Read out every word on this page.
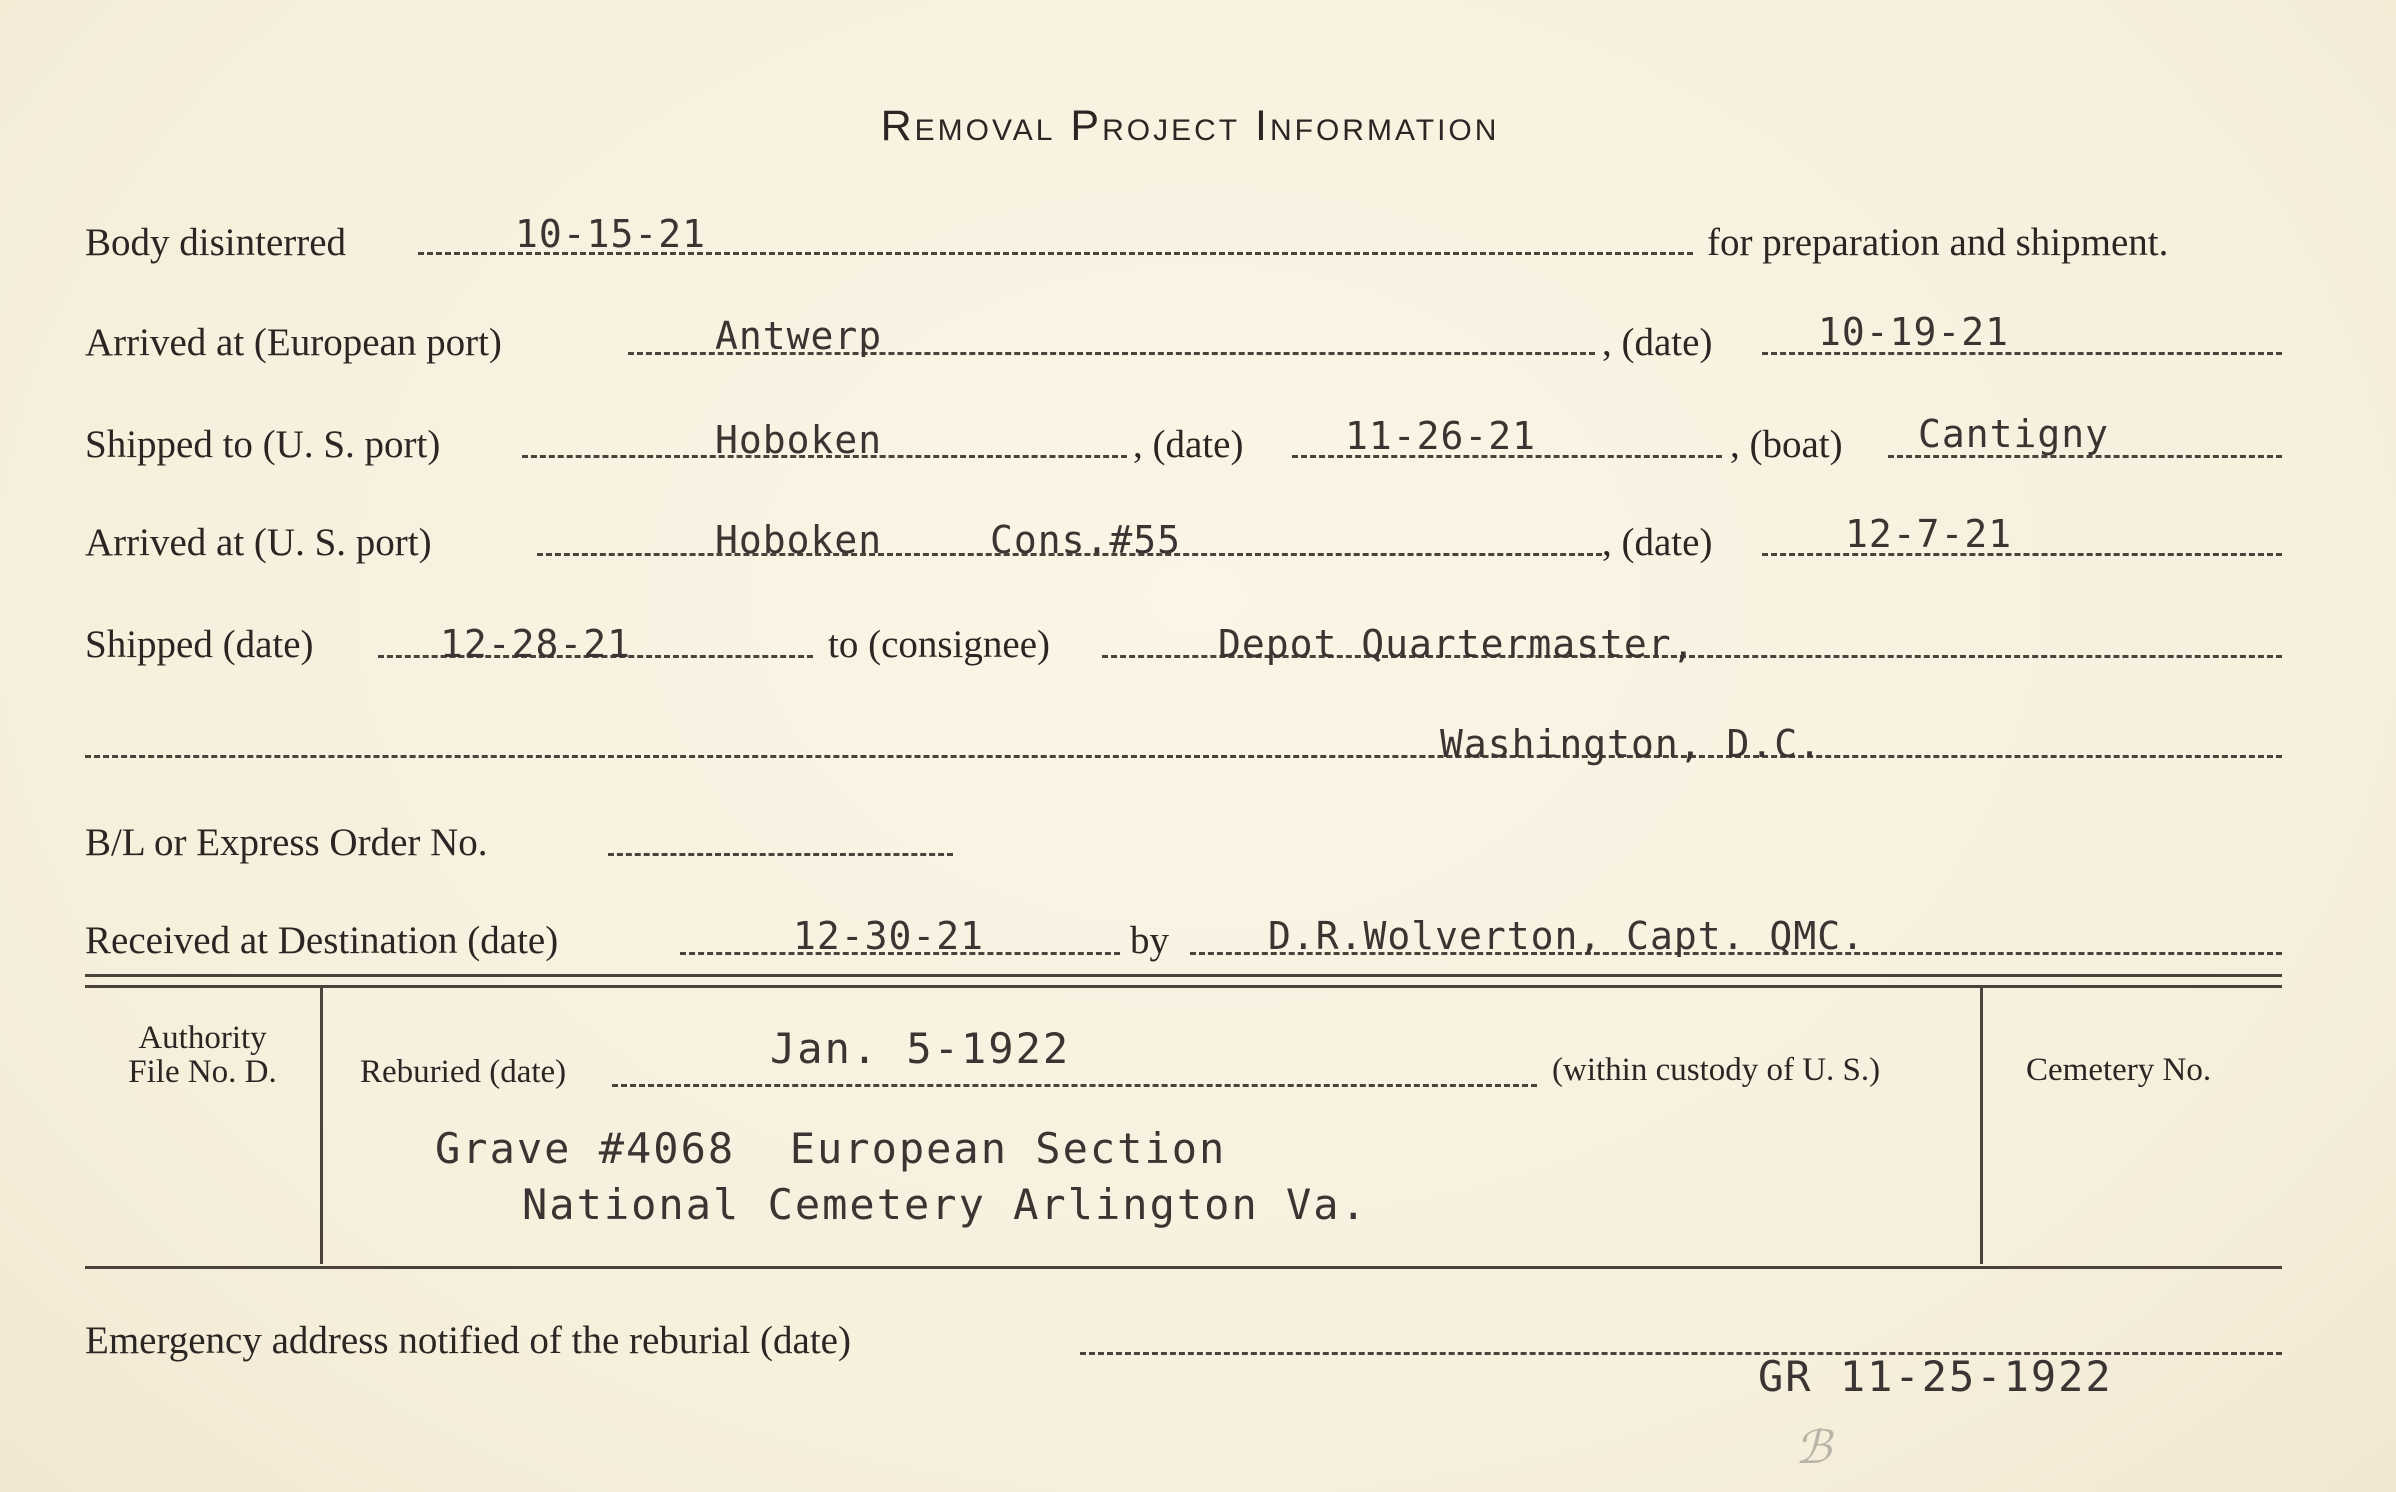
Removal Project Information
Body disinterred	10-15-21	for preparation and shipment.
Arrived at (European port)	Antwerp	, (date)	10-19-21
Shipped to (U. S. port)	Hoboken	, (date)	11-26-21	, (boat) Cantigny
Arrived at (U. S. port)	Hoboken	Cons.#55	, (date)	12-7-21
Shipped (date)	12-28-21	to (consignee)	Depot Quartermaster,
Washington, D.C.
B/L or Express Order No.
Received at Destination (date)	12-30-21	by	D.R.Wolverton, Capt. QMC.
Authority
File No. D.	Reburied (date)	Jan. 5-1922	(within custody of U. S.)
Grave #4068  European Section
National Cemetery Arlington Va.
Cemetery No.
Emergency address notified of the reburial (date)
GR 11-25-1922
ℬ
